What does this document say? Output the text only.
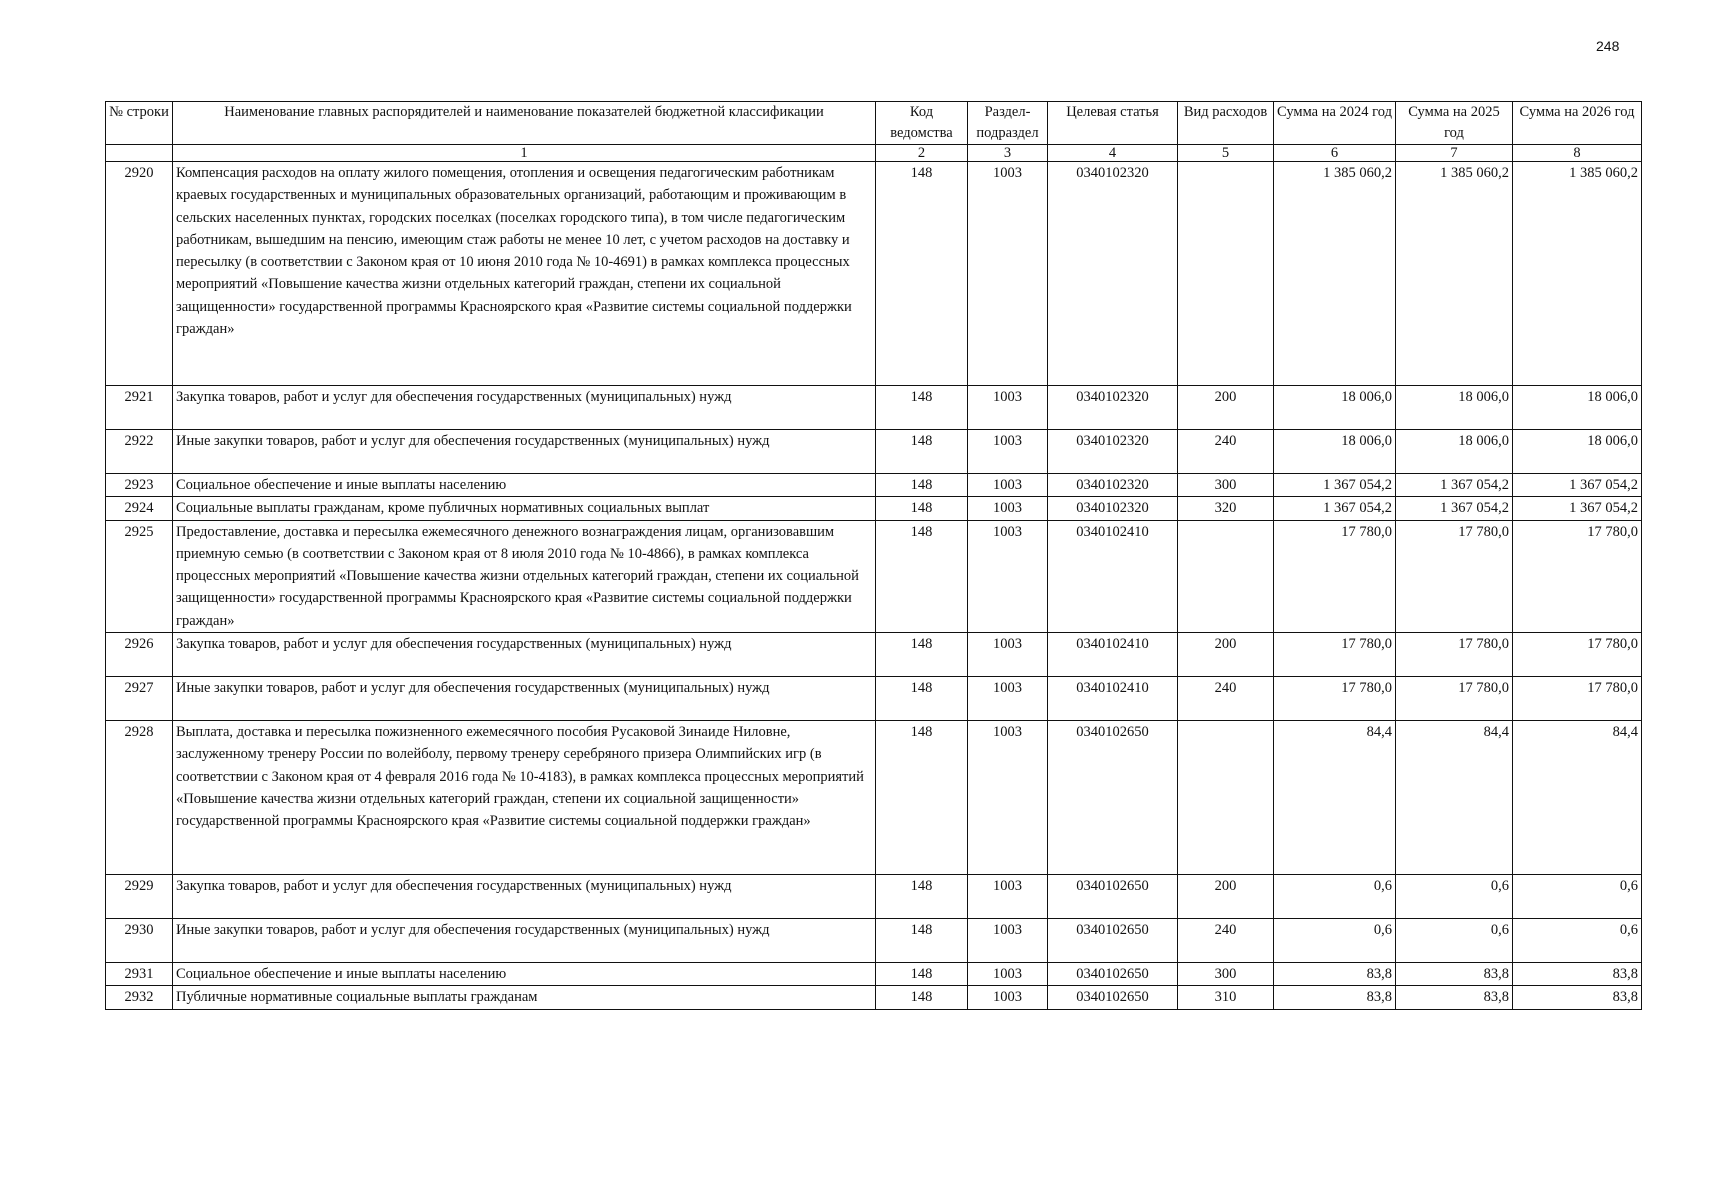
248
№ строки	Наименование главных распорядителей и наименование показателей бюджетной классификации	Код ведомства	Раздел-подраздел	Целевая статья	Вид расходов	Сумма на 2024 год	Сумма на 2025 год	Сумма на 2026 год
	1	2	3	4	5	6	7	8
2920	Компенсация расходов на оплату жилого помещения, отопления и освещения педагогическим работникам краевых государственных и муниципальных образовательных организаций, работающим и проживающим в сельских населенных пунктах, городских поселках (поселках городского типа), в том числе педагогическим работникам, вышедшим на пенсию, имеющим стаж работы не менее 10 лет, с учетом расходов на доставку и пересылку (в соответствии с Законом края от 10 июня 2010 года № 10-4691) в рамках комплекса процессных мероприятий «Повышение качества жизни отдельных категорий граждан, степени их социальной защищенности» государственной программы Красноярского края «Развитие системы социальной поддержки граждан»	148	1003	0340102320		1 385 060,2	1 385 060,2	1 385 060,2
2921	Закупка товаров, работ и услуг для обеспечения государственных (муниципальных) нужд	148	1003	0340102320	200	18 006,0	18 006,0	18 006,0
2922	Иные закупки товаров, работ и услуг для обеспечения государственных (муниципальных) нужд	148	1003	0340102320	240	18 006,0	18 006,0	18 006,0
2923	Социальное обеспечение и иные выплаты населению	148	1003	0340102320	300	1 367 054,2	1 367 054,2	1 367 054,2
2924	Социальные выплаты гражданам, кроме публичных нормативных социальных выплат	148	1003	0340102320	320	1 367 054,2	1 367 054,2	1 367 054,2
2925	Предоставление, доставка и пересылка ежемесячного денежного вознаграждения лицам, организовавшим приемную семью (в соответствии с Законом края от 8 июля 2010 года № 10-4866), в рамках комплекса процессных мероприятий «Повышение качества жизни отдельных категорий граждан, степени их социальной защищенности» государственной программы Красноярского края «Развитие системы социальной поддержки граждан»	148	1003	0340102410		17 780,0	17 780,0	17 780,0
2926	Закупка товаров, работ и услуг для обеспечения государственных (муниципальных) нужд	148	1003	0340102410	200	17 780,0	17 780,0	17 780,0
2927	Иные закупки товаров, работ и услуг для обеспечения государственных (муниципальных) нужд	148	1003	0340102410	240	17 780,0	17 780,0	17 780,0
2928	Выплата, доставка и пересылка пожизненного ежемесячного пособия Русаковой Зинаиде Ниловне, заслуженному тренеру России по волейболу, первому тренеру серебряного призера Олимпийских игр (в соответствии с Законом края от 4 февраля 2016 года № 10-4183), в рамках комплекса процессных мероприятий «Повышение качества жизни отдельных категорий граждан, степени их социальной защищенности» государственной программы Красноярского края «Развитие системы социальной поддержки граждан»	148	1003	0340102650		84,4	84,4	84,4
2929	Закупка товаров, работ и услуг для обеспечения государственных (муниципальных) нужд	148	1003	0340102650	200	0,6	0,6	0,6
2930	Иные закупки товаров, работ и услуг для обеспечения государственных (муниципальных) нужд	148	1003	0340102650	240	0,6	0,6	0,6
2931	Социальное обеспечение и иные выплаты населению	148	1003	0340102650	300	83,8	83,8	83,8
2932	Публичные нормативные социальные выплаты гражданам	148	1003	0340102650	310	83,8	83,8	83,8
